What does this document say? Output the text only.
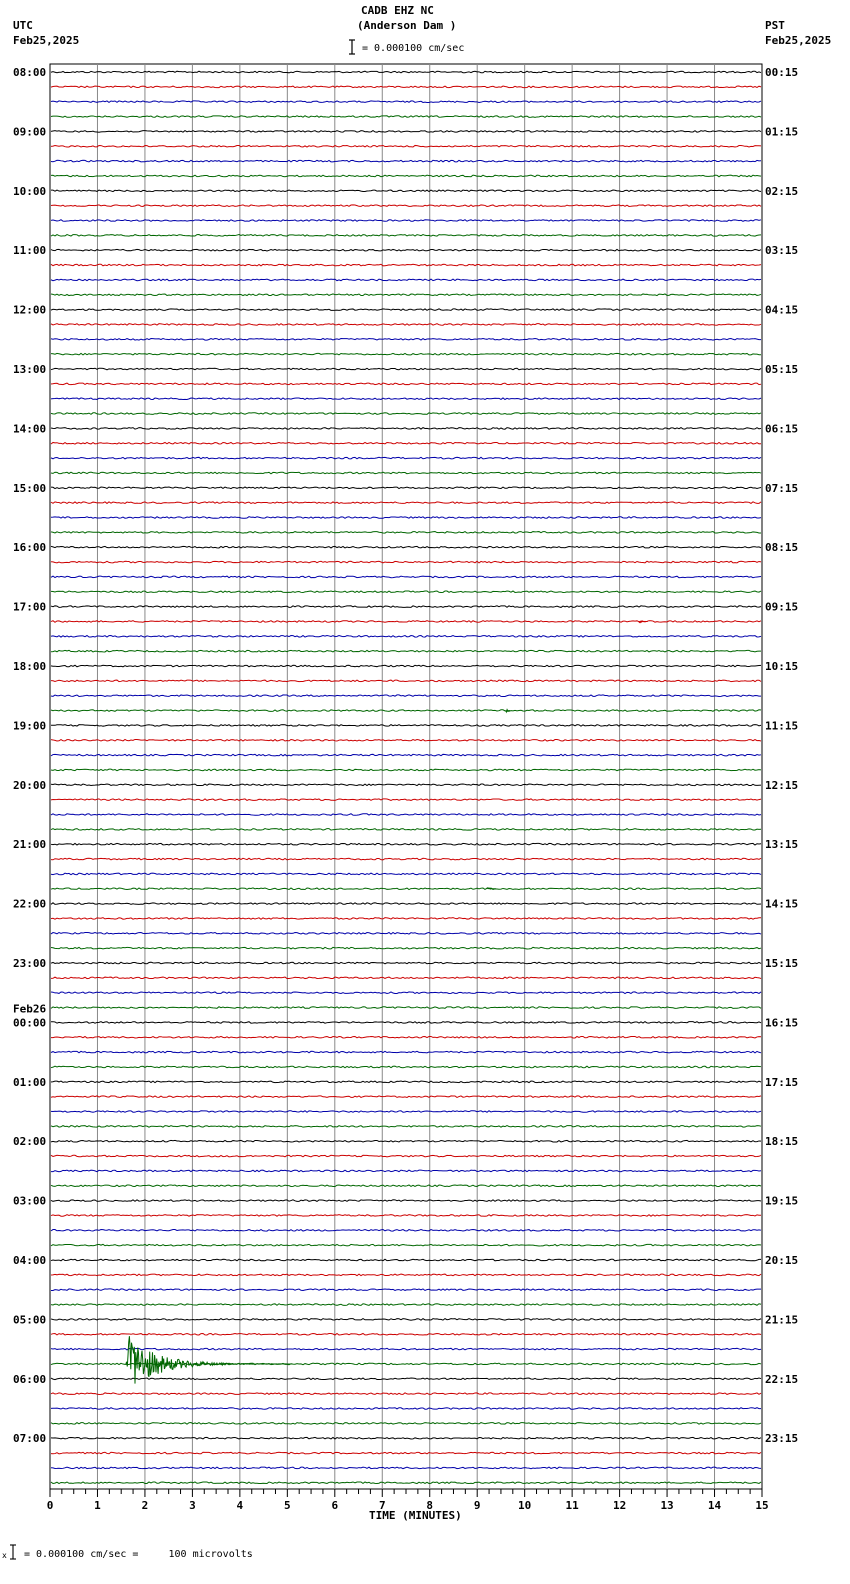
CADB EHZ NC
(Anderson Dam )
UTC
Feb25,2025
PST
Feb25,2025
= 0.000100 cm/sec
08:00
09:00
10:00
11:00
12:00
13:00
14:00
15:00
16:00
17:00
18:00
19:00
20:00
21:00
22:00
23:00
Feb26
00:00
01:00
02:00
03:00
04:00
05:00
06:00
07:00
00:15
01:15
02:15
03:15
04:15
05:15
06:15
07:15
08:15
09:15
10:15
11:15
12:15
13:15
14:15
15:15
16:15
17:15
18:15
19:15
20:15
21:15
22:15
23:15
0	1	2	3	4	5	6	7	8	9	10	11	12	13	14	15
TIME (MINUTES)
x = 0.000100 cm/sec =     100 microvolts
